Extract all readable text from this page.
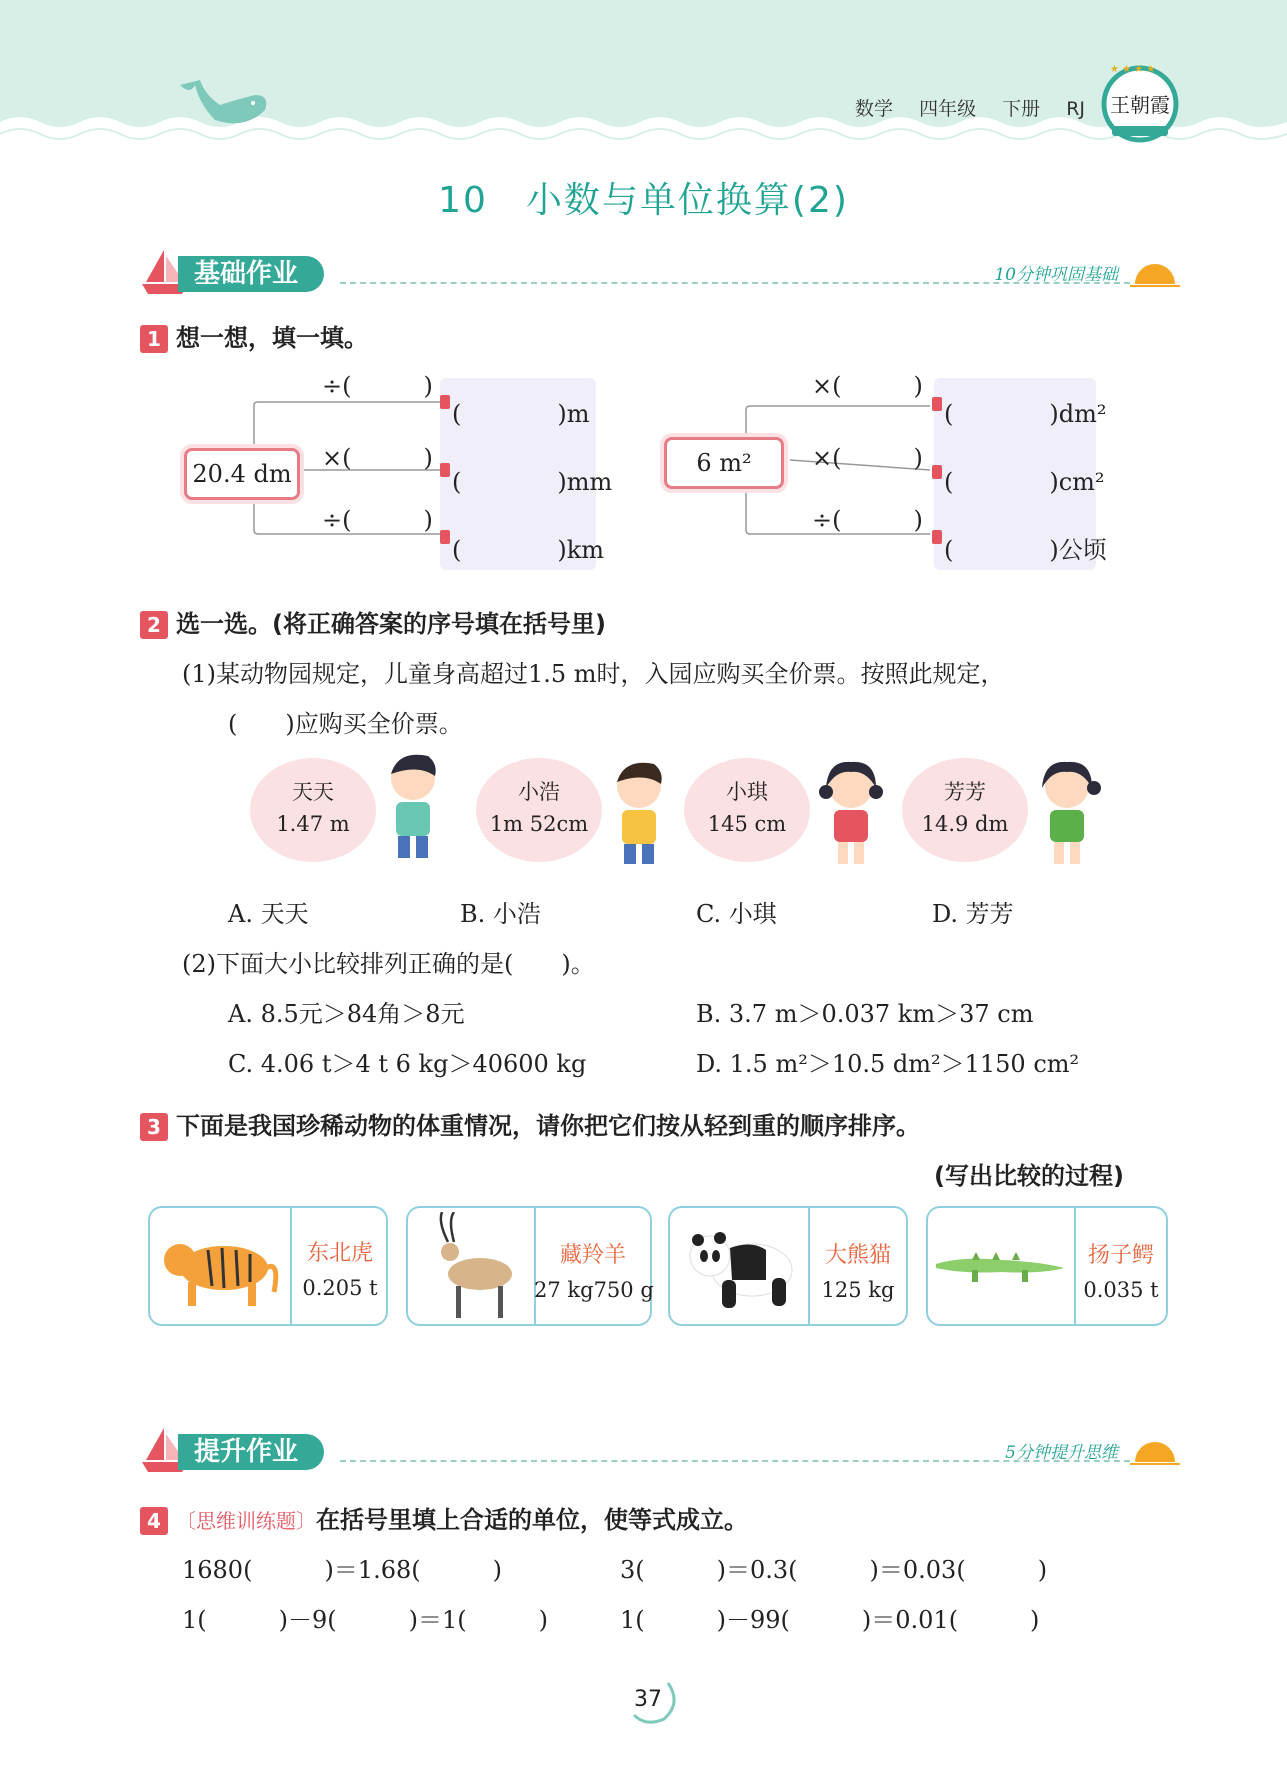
数学 四年级 下册 RJ
★ ★ ★ ★
王朝霞
10　小数与单位换算(2)
基础作业	10分钟巩固基础
1 想一想，填一填。
20.4 dm
÷(　　　)
×(　　　)
÷(　　　)
(　　　　)m
(　　　　)mm
(　　　　)km
6 m²
×(　　　)
×(　　　)
÷(　　　)
(　　　　)dm²
(　　　　)cm²
(　　　　)公顷
2 选一选。(将正确答案的序号填在括号里)
(1)某动物园规定，儿童身高超过1.5 m时，入园应购买全价票。按照此规定，
(　　)应购买全价票。
天天
1.47 m
小浩
1m 52cm
小琪
145 cm
芳芳
14.9 dm
A. 天天	B. 小浩	C. 小琪	D. 芳芳
(2)下面大小比较排列正确的是(　　)。
A. 8.5元＞84角＞8元	B. 3.7 m＞0.037 km＞37 cm
C. 4.06 t＞4 t 6 kg＞40600 kg	D. 1.5 m²＞10.5 dm²＞1150 cm²
3 下面是我国珍稀动物的体重情况，请你把它们按从轻到重的顺序排序。
(写出比较的过程)
东北虎
0.205 t
藏羚羊
27 kg750 g
大熊猫
125 kg
扬子鳄
0.035 t
提升作业	5分钟提升思维
4 〔思维训练题〕在括号里填上合适的单位，使等式成立。
1680(　　　)＝1.68(　　　)	3(　　　)＝0.3(　　　)＝0.03(　　　)
1(　　　)－9(　　　)＝1(　　　)	1(　　　)－99(　　　)＝0.01(　　　)
37
